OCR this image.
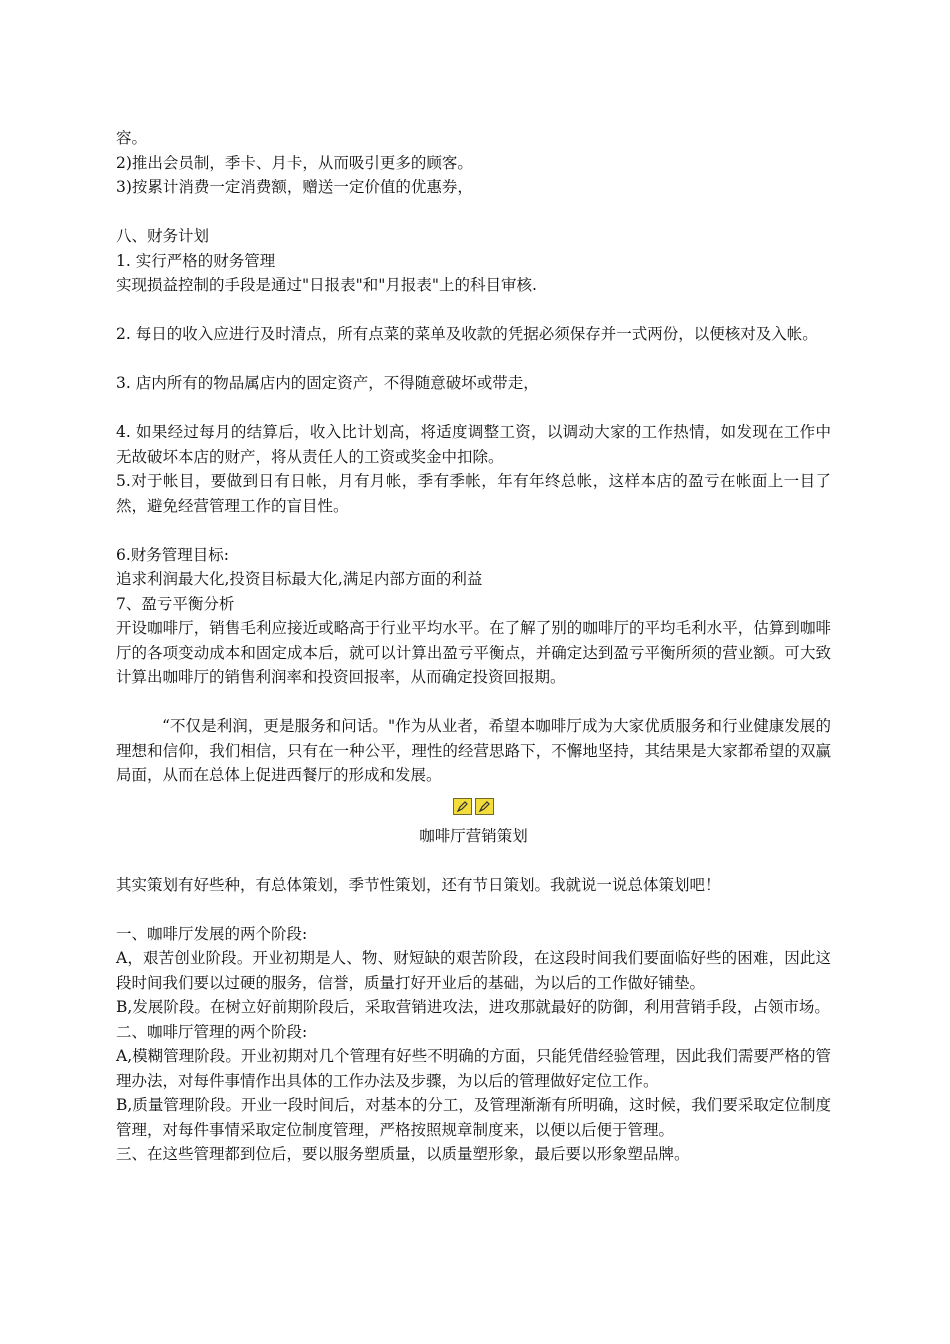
容。

2)推出会员制，季卡、月卡，从而吸引更多的顾客。

3)按累计消费一定消费额，赠送一定价值的优惠券，

八、财务计划

1. 实行严格的财务管理

实现损益控制的手段是通过"日报表"和"月报表"上的科目审核.

2. 每日的收入应进行及时清点，所有点菜的菜单及收款的凭据必须保存并一式两份，以便核对及入帐。

3. 店内所有的物品属店内的固定资产，不得随意破坏或带走，

4. 如果经过每月的结算后，收入比计划高，将适度调整工资，以调动大家的工作热情，如发现在工作中无故破坏本店的财产，将从责任人的工资或奖金中扣除。

5.对于帐目，要做到日有日帐，月有月帐，季有季帐，年有年终总帐，这样本店的盈亏在帐面上一目了然，避免经营管理工作的盲目性。

6.财务管理目标:

追求利润最大化,投资目标最大化,满足内部方面的利益

7、盈亏平衡分析

开设咖啡厅，销售毛利应接近或略高于行业平均水平。在了解了别的咖啡厅的平均毛利水平，估算到咖啡厅的各项变动成本和固定成本后，就可以计算出盈亏平衡点，并确定达到盈亏平衡所须的营业额。可大致计算出咖啡厅的销售利润率和投资回报率，从而确定投资回报期。

“不仅是利润，更是服务和问话。"作为从业者，希望本咖啡厅成为大家优质服务和行业健康发展的理想和信仰，我们相信，只有在一种公平，理性的经营思路下，不懈地坚持，其结果是大家都希望的双赢局面，从而在总体上促进西餐厅的形成和发展。

咖啡厅营销策划

其实策划有好些种，有总体策划，季节性策划，还有节日策划。我就说一说总体策划吧！

一、咖啡厅发展的两个阶段:

A，艰苦创业阶段。开业初期是人、物、财短缺的艰苦阶段，在这段时间我们要面临好些的困难，因此这段时间我们要以过硬的服务，信誉，质量打好开业后的基础，为以后的工作做好铺垫。

B,发展阶段。在树立好前期阶段后，采取营销进攻法，进攻那就最好的防御，利用营销手段，占领市场。

二、咖啡厅管理的两个阶段:

A,模糊管理阶段。开业初期对几个管理有好些不明确的方面，只能凭借经验管理，因此我们需要严格的管理办法，对每件事情作出具体的工作办法及步骤，为以后的管理做好定位工作。

B,质量管理阶段。开业一段时间后，对基本的分工，及管理渐渐有所明确，这时候，我们要采取定位制度管理，对每件事情采取定位制度管理，严格按照规章制度来，以便以后便于管理。

三、在这些管理都到位后，要以服务塑质量，以质量塑形象，最后要以形象塑品牌。
